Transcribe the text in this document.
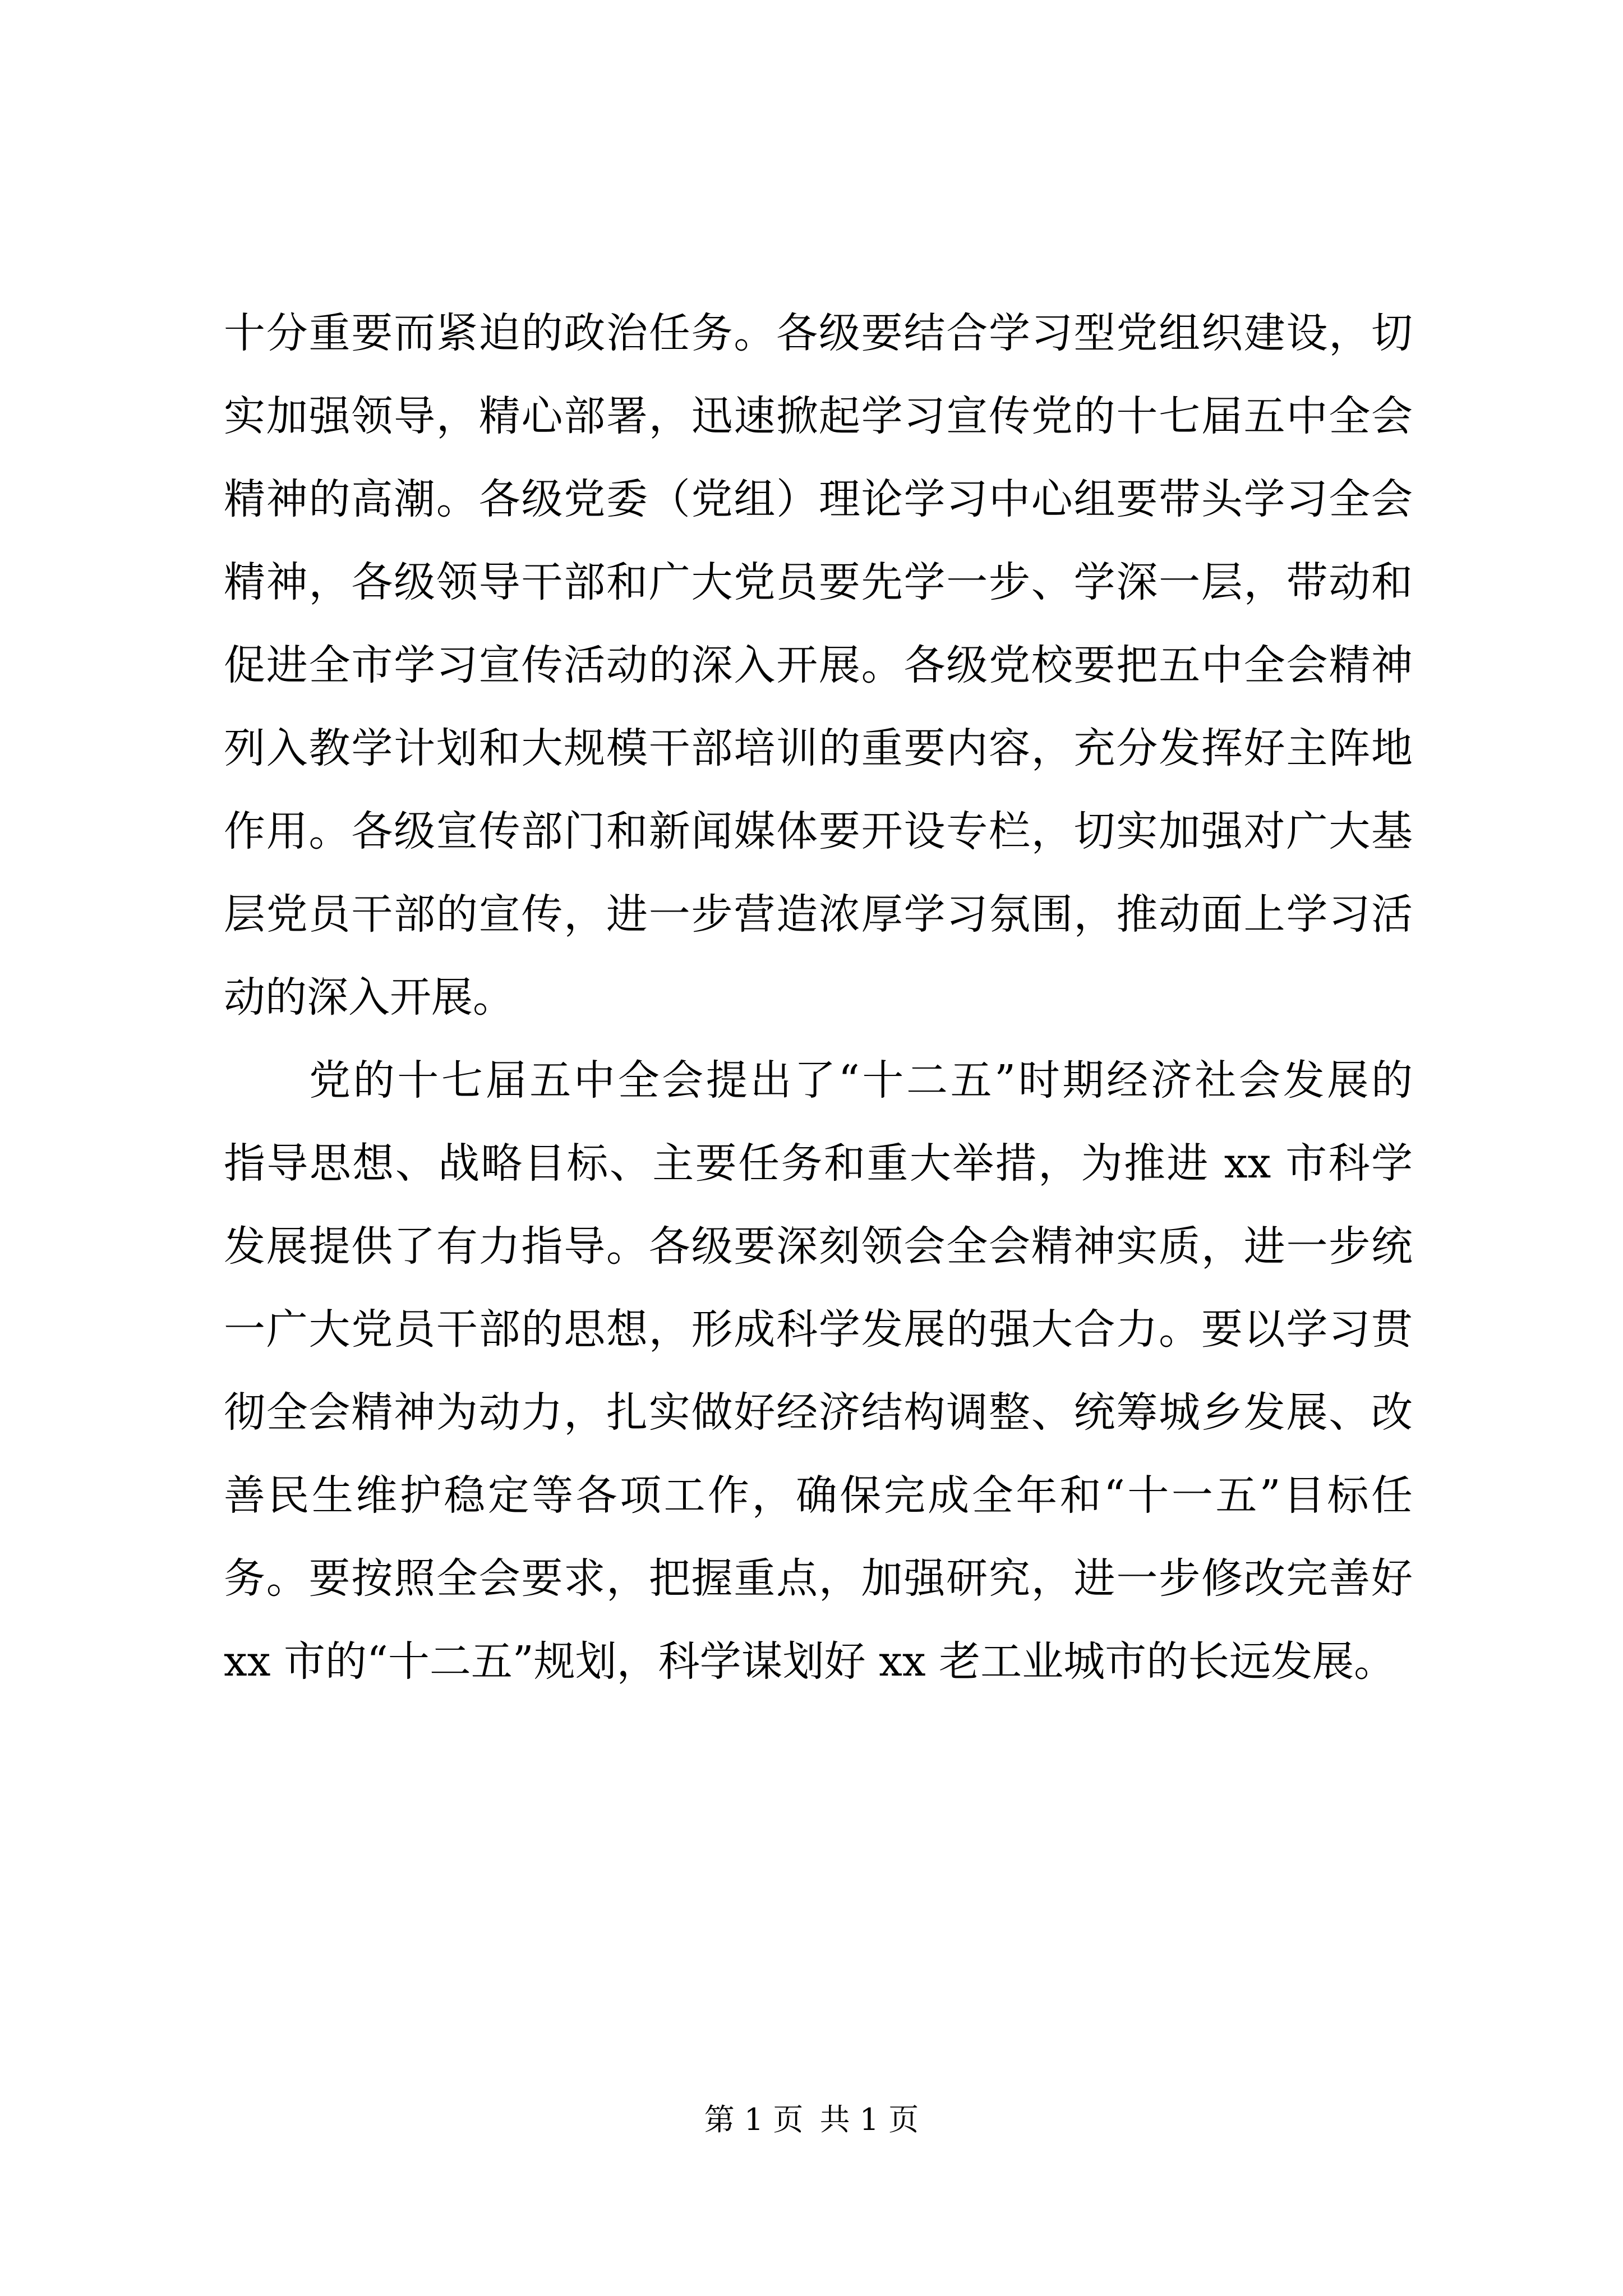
十分重要而紧迫的政治任务。各级要结合学习型党组织建设，切
实加强领导，精心部署，迅速掀起学习宣传党的十七届五中全会
精神的高潮。各级党委（党组）理论学习中心组要带头学习全会
精神，各级领导干部和广大党员要先学一步、学深一层，带动和
促进全市学习宣传活动的深入开展。各级党校要把五中全会精神
列入教学计划和大规模干部培训的重要内容，充分发挥好主阵地
作用。各级宣传部门和新闻媒体要开设专栏，切实加强对广大基
层党员干部的宣传，进一步营造浓厚学习氛围，推动面上学习活
动的深入开展。
党的十七届五中全会提出了“十二五”时期经济社会发展的
指导思想、战略目标、主要任务和重大举措，为推进 xx 市科学
发展提供了有力指导。各级要深刻领会全会精神实质，进一步统
一广大党员干部的思想，形成科学发展的强大合力。要以学习贯
彻全会精神为动力，扎实做好经济结构调整、统筹城乡发展、改
善民生维护稳定等各项工作，确保完成全年和“十一五”目标任
务。要按照全会要求，把握重点，加强研究，进一步修改完善好
xx 市的“十二五”规划，科学谋划好 xx 老工业城市的长远发展。
第 1 页 共 1 页
